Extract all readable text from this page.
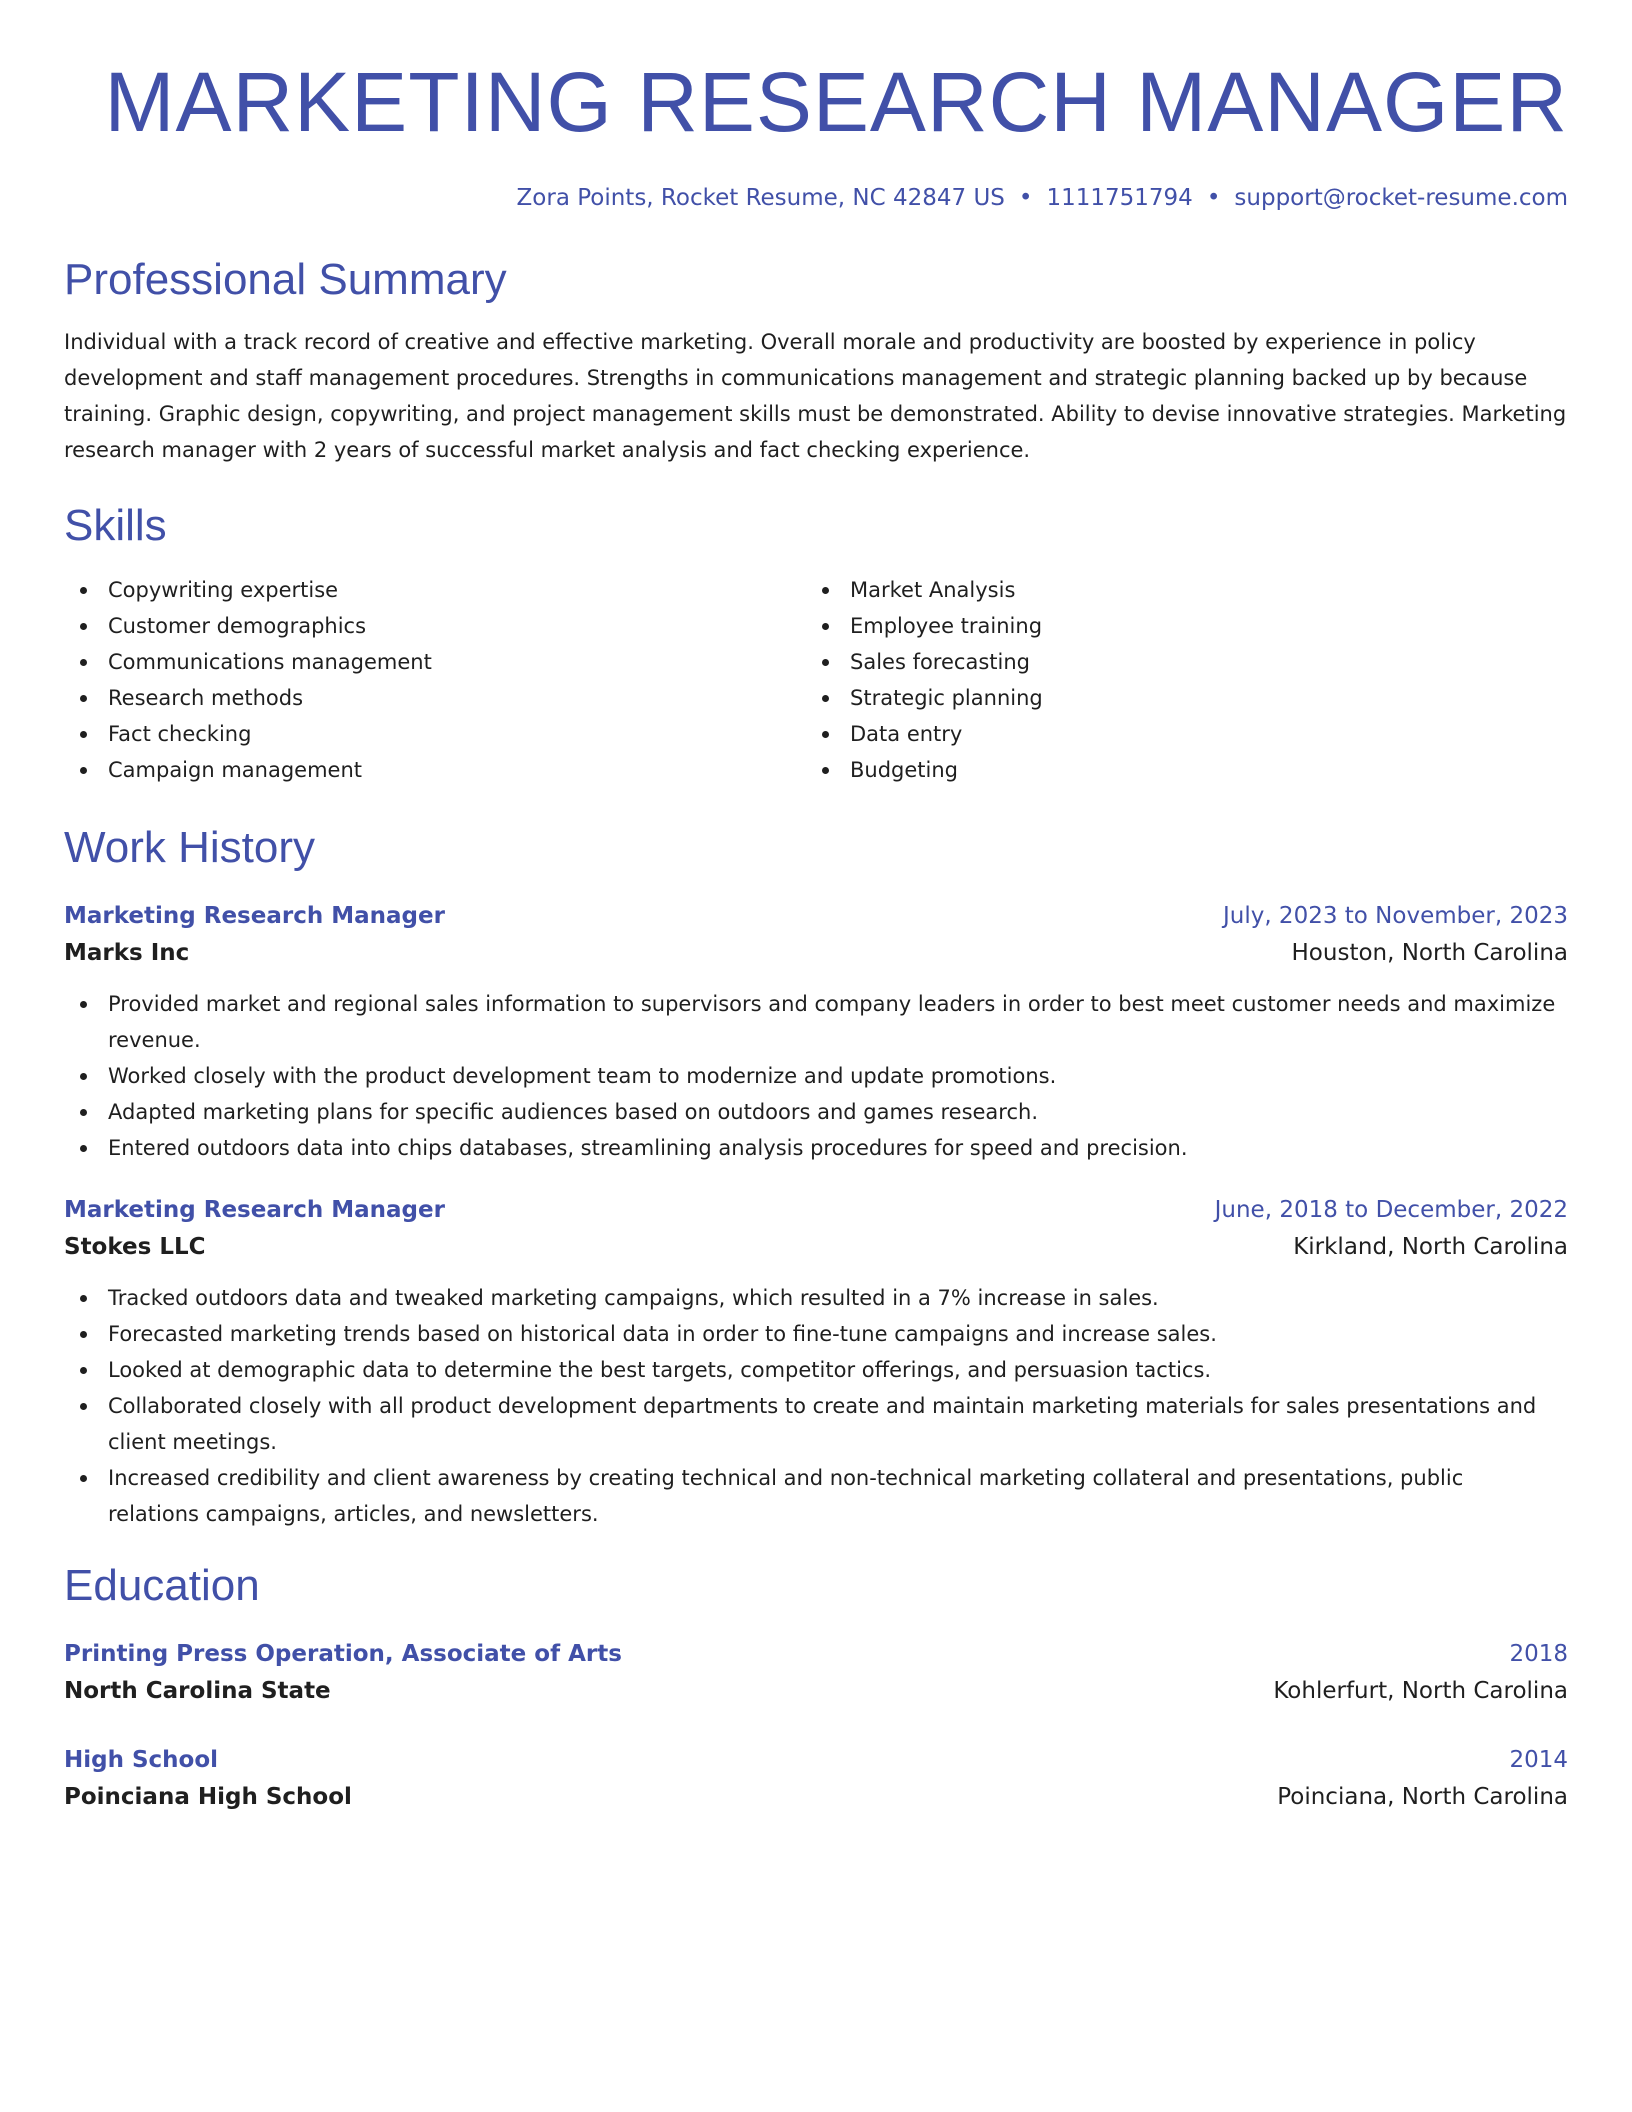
MARKETING RESEARCH MANAGER
Zora Points, Rocket Resume, NC 42847 US • 1111751794 • support@rocket-resume.com
Professional Summary
Individual with a track record of creative and effective marketing. Overall morale and productivity are boosted by experience in policy development and staff management procedures. Strengths in communications management and strategic planning backed up by because training. Graphic design, copywriting, and project management skills must be demonstrated. Ability to devise innovative strategies. Marketing research manager with 2 years of successful market analysis and fact checking experience.
Skills
Copywriting expertise
Customer demographics
Communications management
Research methods
Fact checking
Campaign management
Market Analysis
Employee training
Sales forecasting
Strategic planning
Data entry
Budgeting
Work History
Marketing Research Manager	July, 2023 to November, 2023
Marks Inc	Houston, North Carolina
Provided market and regional sales information to supervisors and company leaders in order to best meet customer needs and maximize revenue.
Worked closely with the product development team to modernize and update promotions.
Adapted marketing plans for specific audiences based on outdoors and games research.
Entered outdoors data into chips databases, streamlining analysis procedures for speed and precision.
Marketing Research Manager	June, 2018 to December, 2022
Stokes LLC	Kirkland, North Carolina
Tracked outdoors data and tweaked marketing campaigns, which resulted in a 7% increase in sales.
Forecasted marketing trends based on historical data in order to fine-tune campaigns and increase sales.
Looked at demographic data to determine the best targets, competitor offerings, and persuasion tactics.
Collaborated closely with all product development departments to create and maintain marketing materials for sales presentations and client meetings.
Increased credibility and client awareness by creating technical and non-technical marketing collateral and presentations, public relations campaigns, articles, and newsletters.
Education
Printing Press Operation, Associate of Arts	2018
North Carolina State	Kohlerfurt, North Carolina
High School	2014
Poinciana High School	Poinciana, North Carolina
